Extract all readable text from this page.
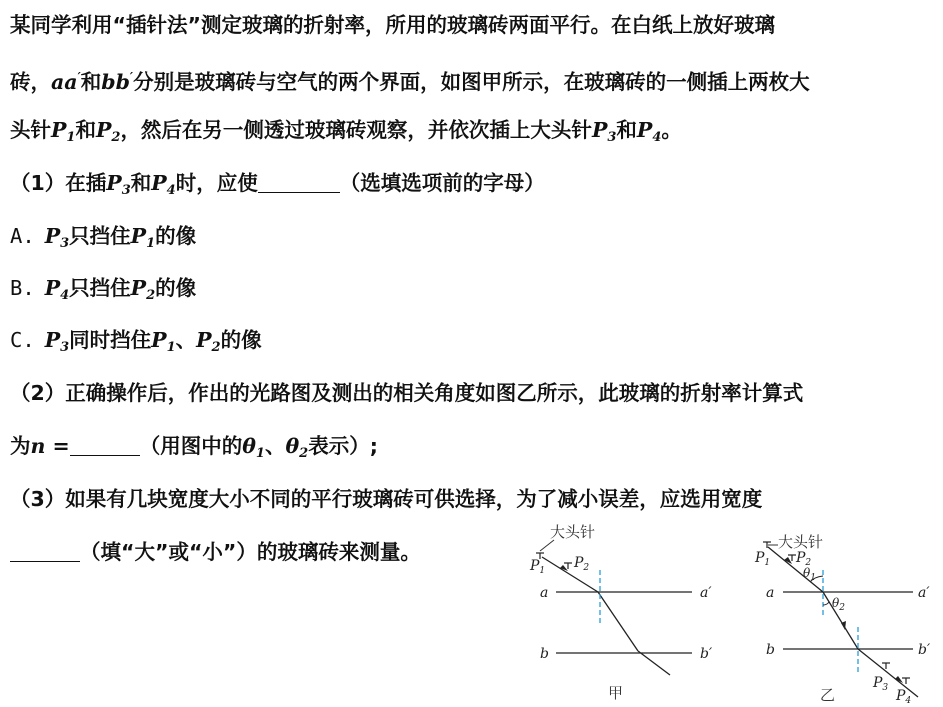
某同学利用“插针法”测定玻璃的折射率，所用的玻璃砖两面平行。在白纸上放好玻璃
砖，aa′和bb′分别是玻璃砖与空气的两个界面，如图甲所示，在玻璃砖的一侧插上两枚大
头针$P_1$和$P_2$，然后在另一侧透过玻璃砖观察，并依次插上大头针$P_3$和$P_4$。
（1）在插$P_3$和$P_4$时，应使	（选填选项前的字母）
A. $P_3$只挡住$P_1$的像
B. $P_4$只挡住$P_2$的像
C. $P_3$同时挡住$P_1$、$P_2$的像
（2）正确操作后，作出的光路图及测出的相关角度如图乙所示，此玻璃的折射率计算式
为n =	（用图中的$\theta_1$、$\theta_2$表示）;
（3）如果有几块宽度大小不同的平行玻璃砖可供选择，为了减小误差，应选用宽度
（填“大”或“小”）的玻璃砖来测量。
大头针
$P_1$ $P_2$
a	a′
b	b′
甲
大头针
$P_1$ $P_2$
a	a′
b	b′
$\theta_1$
$\theta_2$
$P_3$ $P_4$
乙
